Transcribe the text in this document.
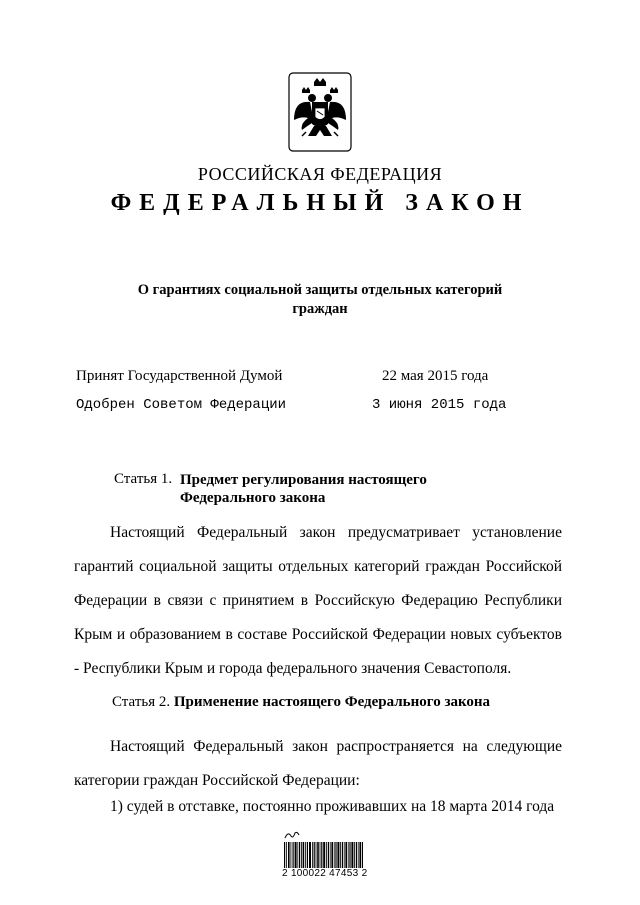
РОССИЙСКАЯ ФЕДЕРАЦИЯ
ФЕДЕРАЛЬНЫЙ ЗАКОН
О гарантиях социальной защиты отдельных категорий граждан
Принят Государственной Думой	22 мая 2015 года
Одобрен Советом Федерации	3 июня 2015 года
Статья 1. Предмет регулирования настоящего Федерального закона
Настоящий Федеральный закон предусматривает установление гарантий социальной защиты отдельных категорий граждан Российской Федерации в связи с принятием в Российскую Федерацию Республики Крым и образованием в составе Российской Федерации новых субъектов - Республики Крым и города федерального значения Севастополя.
Статья 2. Применение настоящего Федерального закона
Настоящий Федеральный закон распространяется на следующие категории граждан Российской Федерации:
1) судей в отставке, постоянно проживавших на 18 марта 2014 года
2 100022 47453 2
